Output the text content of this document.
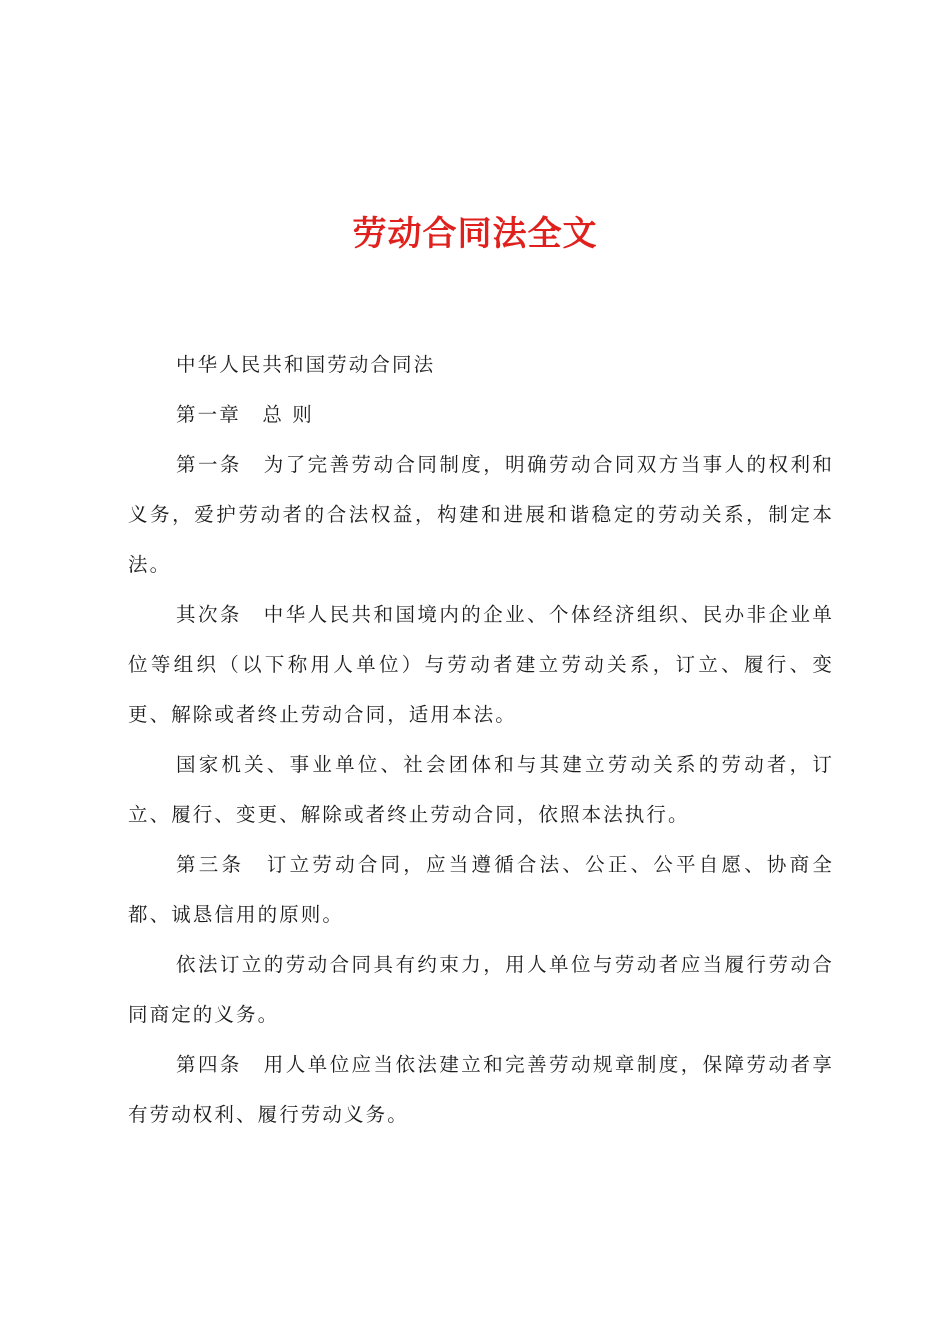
劳动合同法全文

中华人民共和国劳动合同法

第一章　总 则

第一条　为了完善劳动合同制度，明确劳动合同双方当事人的权利和义务，爱护劳动者的合法权益，构建和进展和谐稳定的劳动关系，制定本法。

其次条　中华人民共和国境内的企业、个体经济组织、民办非企业单位等组织（以下称用人单位）与劳动者建立劳动关系，订立、履行、变更、解除或者终止劳动合同，适用本法。

国家机关、事业单位、社会团体和与其建立劳动关系的劳动者，订立、履行、变更、解除或者终止劳动合同，依照本法执行。

第三条　订立劳动合同，应当遵循合法、公正、公平自愿、协商全都、诚恳信用的原则。

依法订立的劳动合同具有约束力，用人单位与劳动者应当履行劳动合同商定的义务。

第四条　用人单位应当依法建立和完善劳动规章制度，保障劳动者享有劳动权利、履行劳动义务。
